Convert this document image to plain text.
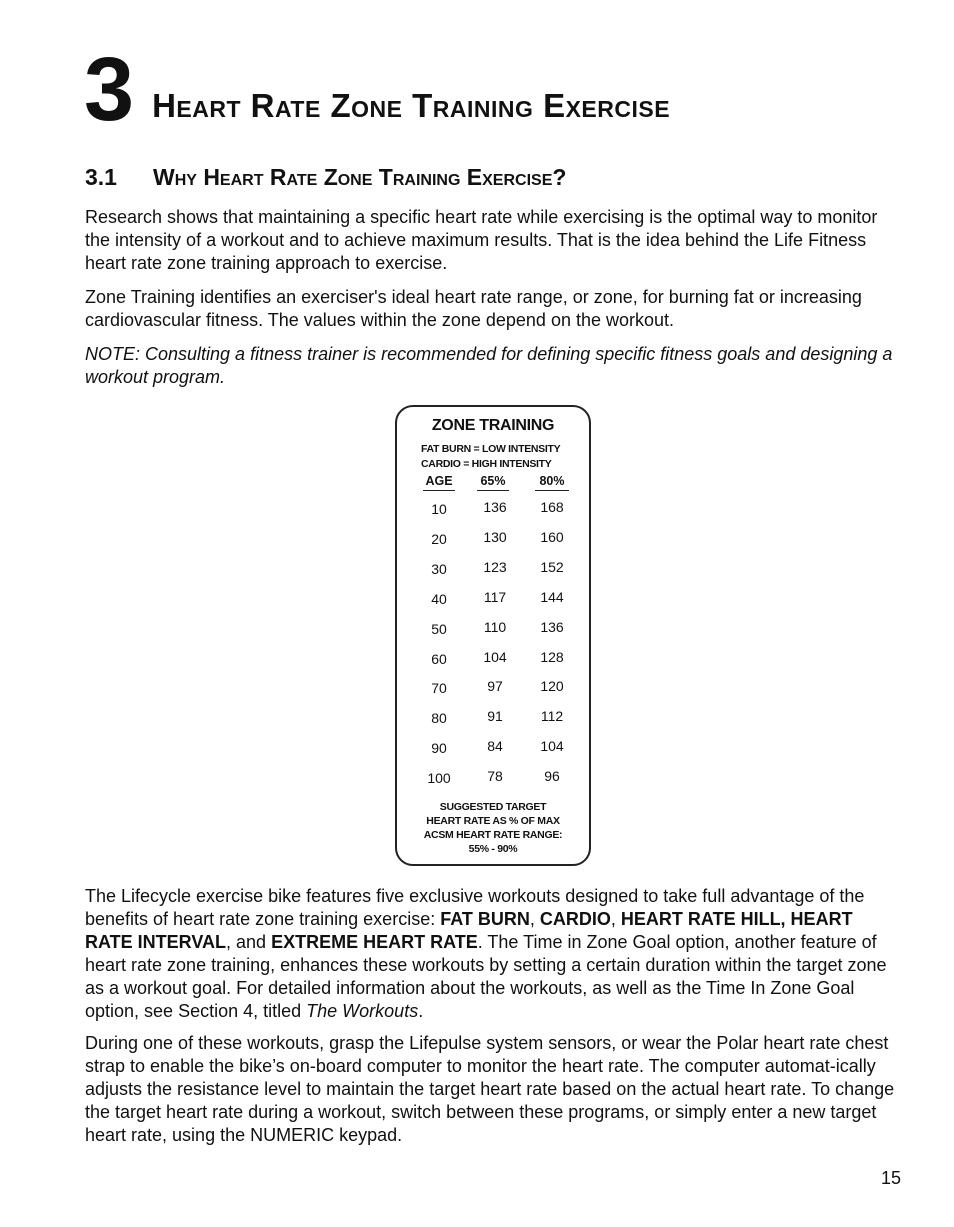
3 Heart Rate Zone Training Exercise
3.1	Why Heart Rate Zone Training Exercise?

Research shows that maintaining a specific heart rate while exercising is the optimal way to monitor the intensity of a workout and to achieve maximum results. That is the idea behind the Life Fitness heart rate zone training approach to exercise.

Zone Training identifies an exerciser's ideal heart rate range, or zone, for burning fat or increasing cardiovascular fitness. The values within the zone depend on the workout.

NOTE: Consulting a fitness trainer is recommended for defining specific fitness goals and designing a workout program.

ZONE TRAINING
FAT BURN = LOW INTENSITY
CARDIO = HIGH INTENSITY
AGE 65%	80%
10	136	168
20	130	160
30	123	152
40	117	144
50	110	136
60	104	128
70	97	120
80	91	112
90	84	104
100	78	96
SUGGESTED TARGET
HEART RATE AS % OF MAX
ACSM HEART RATE RANGE:
55% - 90%

The Lifecycle exercise bike features five exclusive workouts designed to take full advantage of the benefits of heart rate zone training exercise: FAT BURN, CARDIO, HEART RATE HILL, HEART RATE INTERVAL, and EXTREME HEART RATE. The Time in Zone Goal option, another feature of heart rate zone training, enhances these workouts by setting a certain duration within the target zone as a workout goal. For detailed information about the workouts, as well as the Time In Zone Goal option, see Section 4, titled The Workouts.

During one of these workouts, grasp the Lifepulse system sensors, or wear the Polar heart rate chest strap to enable the bike’s on-board computer to monitor the heart rate. The computer automat-ically adjusts the resistance level to maintain the target heart rate based on the actual heart rate. To change the target heart rate during a workout, switch between these programs, or simply enter a new target heart rate, using the NUMERIC keypad.

15
